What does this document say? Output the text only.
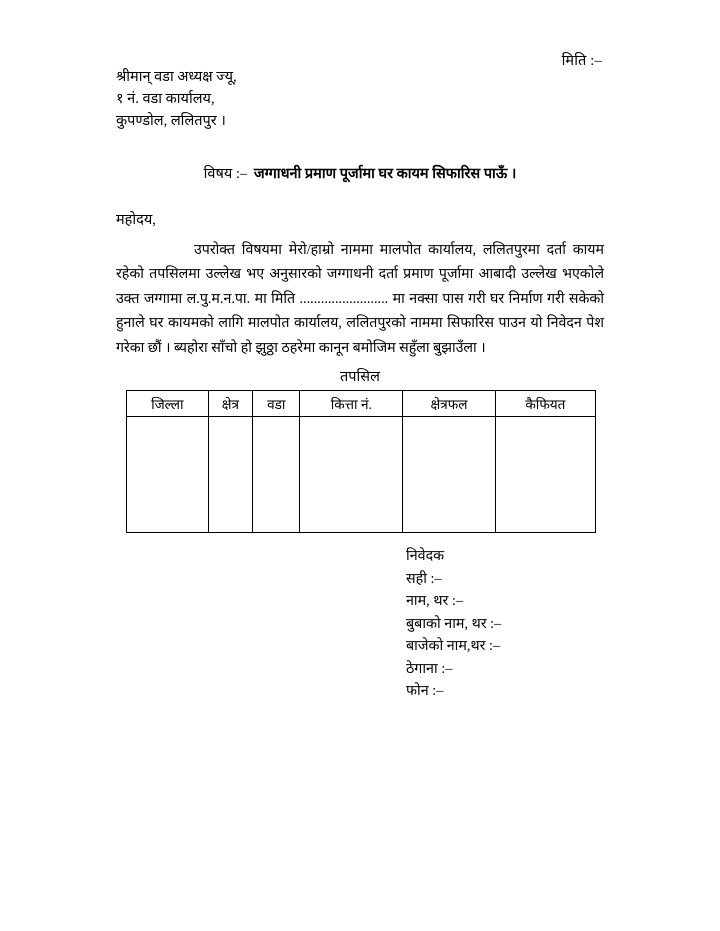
मिति :–
श्रीमान् वडा अध्यक्ष ज्यू,
१ नं. वडा कार्यालय,
कुपण्डोल, ललितपुर ।
विषय :– जग्गाधनी प्रमाण पूर्जामा घर कायम सिफारिस पाऊँ ।
महोदय,
उपरोक्त विषयमा मेरो/हाम्रो नाममा मालपोत कार्यालय, ललितपुरमा दर्ता कायम रहेको तपसिलमा उल्लेख भए अनुसारको जग्गाधनी दर्ता प्रमाण पूर्जामा आबादी उल्लेख भएकोले उक्त जग्गामा ल.पु.म.न.पा. मा मिति ......................... मा नक्सा पास गरी घर निर्माण गरी सकेको हुनाले घर कायमको लागि मालपोत कार्यालय, ललितपुरको नाममा सिफारिस पाउन यो निवेदन पेश गरेका छौं । ब्यहोरा साँचो हो झुठ्ठा ठहरेमा कानून बमोजिम सहुँला बुझाउँला ।
तपसिल
जिल्ला	क्षेत्र	वडा	कित्ता नं.	क्षेत्रफल	कैफियत

निवेदक
सही :–
नाम, थर :–
बुबाको नाम, थर :–
बाजेको नाम,थर :–
ठेगाना :–
फोन :–
